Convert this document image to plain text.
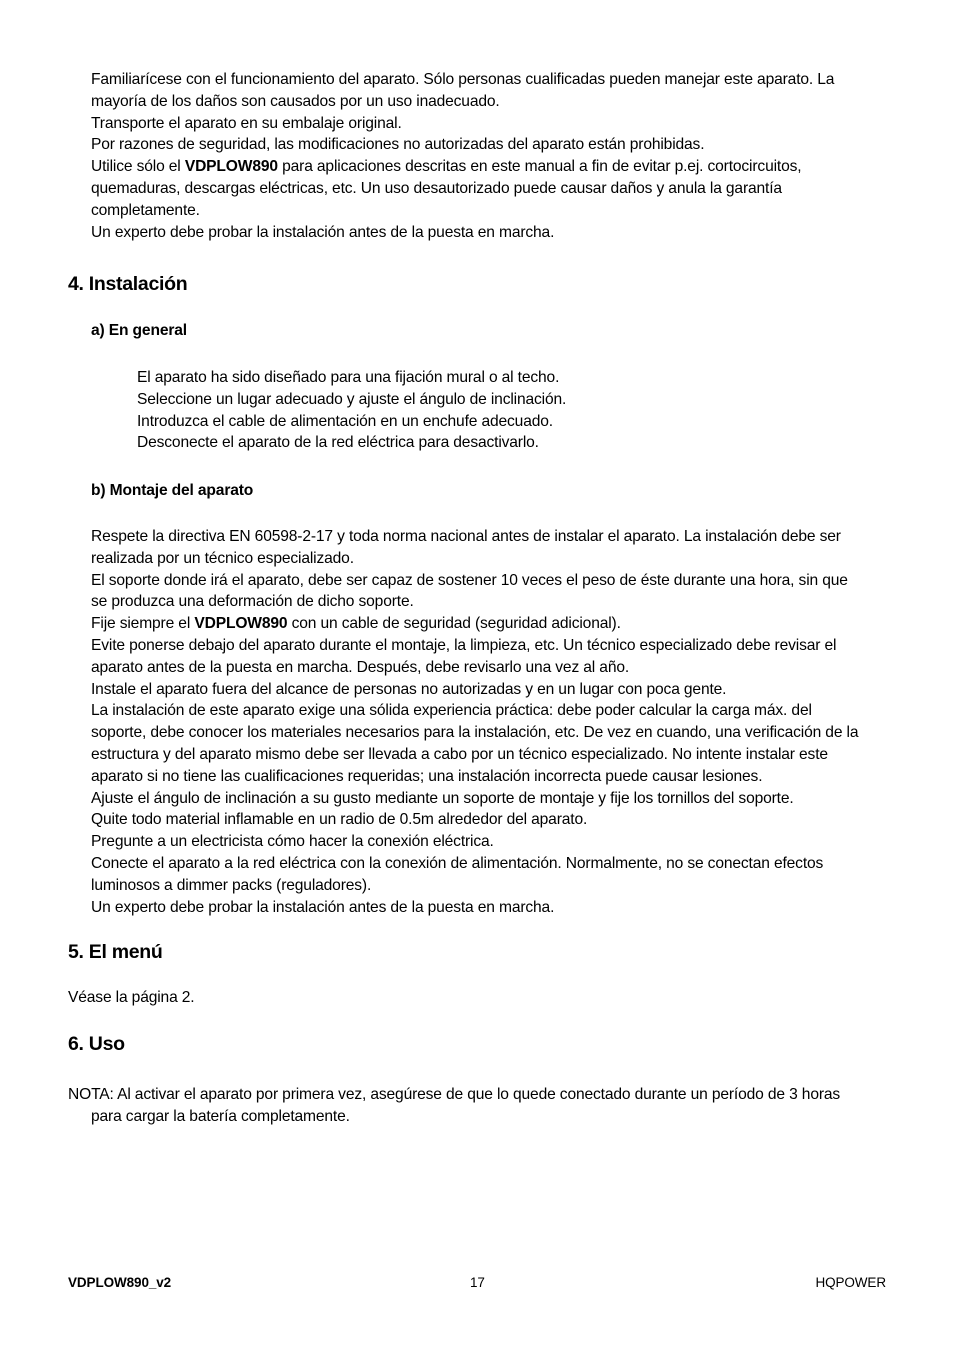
Familiarícese con el funcionamiento del aparato. Sólo personas cualificadas pueden manejar este aparato. La
mayoría de los daños son causados por un uso inadecuado.
Transporte el aparato en su embalaje original.
Por razones de seguridad, las modificaciones no autorizadas del aparato están prohibidas.
Utilice sólo el VDPLOW890 para aplicaciones descritas en este manual a fin de evitar p.ej. cortocircuitos,
quemaduras, descargas eléctricas, etc. Un uso desautorizado puede causar daños y anula la garantía
completamente.
Un experto debe probar la instalación antes de la puesta en marcha.
4. Instalación
a) En general
El aparato ha sido diseñado para una fijación mural o al techo.
Seleccione un lugar adecuado y ajuste el ángulo de inclinación.
Introduzca el cable de alimentación en un enchufe adecuado.
Desconecte el aparato de la red eléctrica para desactivarlo.
b) Montaje del aparato
Respete la directiva EN 60598-2-17 y toda norma nacional antes de instalar el aparato. La instalación debe ser
realizada por un técnico especializado.
El soporte donde irá el aparato, debe ser capaz de sostener 10 veces el peso de éste durante una hora, sin que
se produzca una deformación de dicho soporte.
Fije siempre el VDPLOW890 con un cable de seguridad (seguridad adicional).
Evite ponerse debajo del aparato durante el montaje, la limpieza, etc. Un técnico especializado debe revisar el
aparato antes de la puesta en marcha. Después, debe revisarlo una vez al año.
Instale el aparato fuera del alcance de personas no autorizadas y en un lugar con poca gente.
La instalación de este aparato exige una sólida experiencia práctica: debe poder calcular la carga máx. del
soporte, debe conocer los materiales necesarios para la instalación, etc. De vez en cuando, una verificación de la
estructura y del aparato mismo debe ser llevada a cabo por un técnico especializado. No intente instalar este
aparato si no tiene las cualificaciones requeridas; una instalación incorrecta puede causar lesiones.
Ajuste el ángulo de inclinación a su gusto mediante un soporte de montaje y fije los tornillos del soporte.
Quite todo material inflamable en un radio de 0.5m alrededor del aparato.
Pregunte a un electricista cómo hacer la conexión eléctrica.
Conecte el aparato a la red eléctrica con la conexión de alimentación. Normalmente, no se conectan efectos
luminosos a dimmer packs (reguladores).
Un experto debe probar la instalación antes de la puesta en marcha.
5. El menú
Véase la página 2.
6. Uso
NOTA: Al activar el aparato por primera vez, asegúrese de que lo quede conectado durante un período de 3 horas
para cargar la batería completamente.
VDPLOW890_v2	17	HQPOWER
